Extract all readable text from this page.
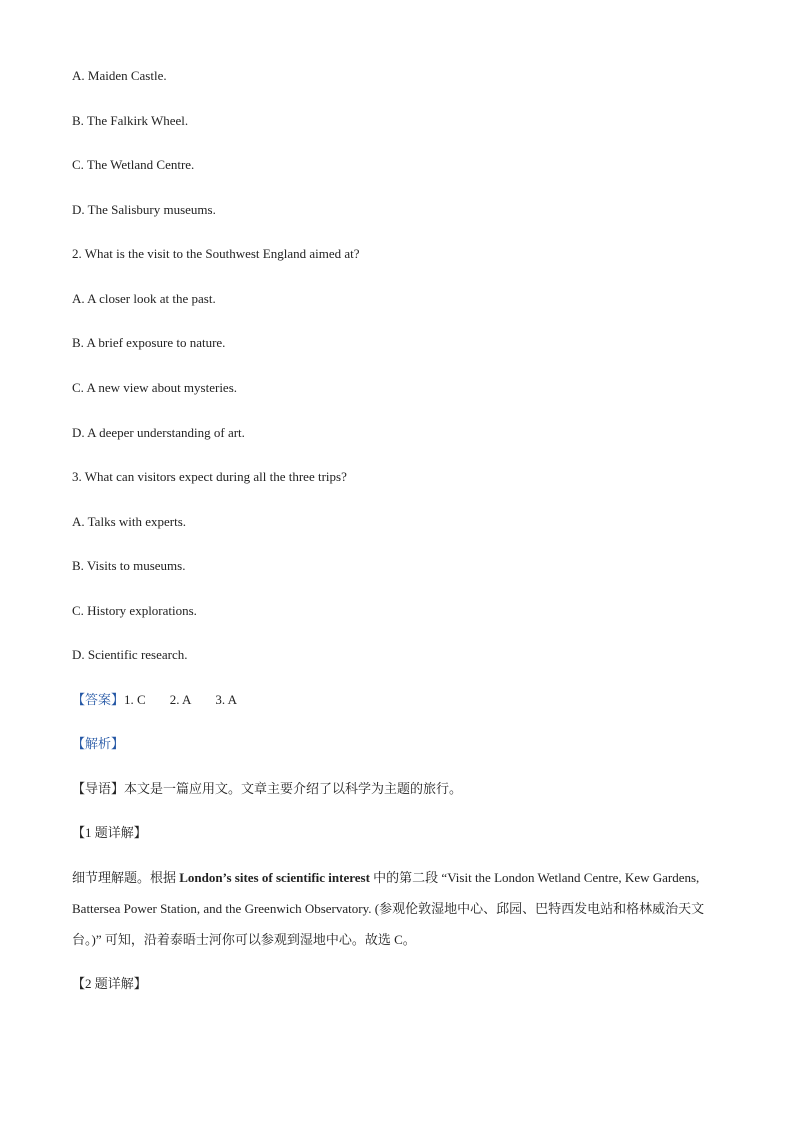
A. Maiden Castle.
B. The Falkirk Wheel.
C. The Wetland Centre.
D. The Salisbury museums.
2. What is the visit to the Southwest England aimed at?
A. A closer look at the past.
B. A brief exposure to nature.
C. A new view about mysteries.
D. A deeper understanding of art.
3. What can visitors expect during all the three trips?
A. Talks with experts.
B. Visits to museums.
C. History explorations.
D. Scientific research.
【答案】1. C 2. A 3. A
【解析】
【导语】本文是一篇应用文。文章主要介绍了以科学为主题的旅行。
【1 题详解】
细节理解题。根据 London’s sites of scientific interest 中的第二段 “Visit the London Wetland Centre, Kew Gardens, Battersea Power Station, and the Greenwich Observatory. (参观伦敦湿地中心、邱园、巴特西发电站和格林威治天文台。)” 可知，沿着泰晤士河你可以参观到湿地中心。故选 C。
【2 题详解】
